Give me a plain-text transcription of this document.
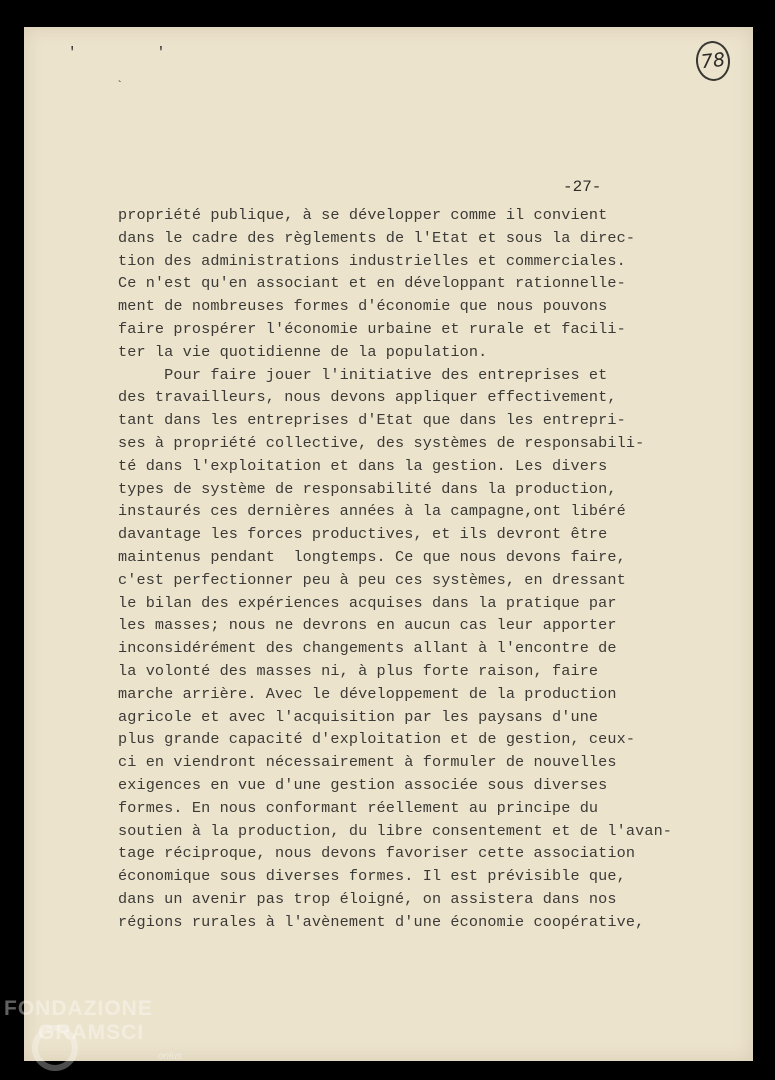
' '
`
78
-27-
propriété publique, à se développer comme il convient
dans le cadre des règlements de l'Etat et sous la direc-
tion des administrations industrielles et commerciales.
Ce n'est qu'en associant et en développant rationnelle-
ment de nombreuses formes d'économie que nous pouvons
faire prospérer l'économie urbaine et rurale et facili-
ter la vie quotidienne de la population.
Pour faire jouer l'initiative des entreprises et
des travailleurs, nous devons appliquer effectivement,
tant dans les entreprises d'Etat que dans les entrepri-
ses à propriété collective, des systèmes de responsabili-
té dans l'exploitation et dans la gestion. Les divers
types de système de responsabilité dans la production,
instaurés ces dernières années à la campagne,ont libéré
davantage les forces productives, et ils devront être
maintenus pendant  longtemps. Ce que nous devons faire,
c'est perfectionner peu à peu ces systèmes, en dressant
le bilan des expériences acquises dans la pratique par
les masses; nous ne devrons en aucun cas leur apporter
inconsidérément des changements allant à l'encontre de
la volonté des masses ni, à plus forte raison, faire
marche arrière. Avec le développement de la production
agricole et avec l'acquisition par les paysans d'une
plus grande capacité d'exploitation et de gestion, ceux-
ci en viendront nécessairement à formuler de nouvelles
exigences en vue d'une gestion associée sous diverses
formes. En nous conformant réellement au principe du
soutien à la production, du libre consentement et de l'avan-
tage réciproque, nous devons favoriser cette association
économique sous diverses formes. Il est prévisible que,
dans un avenir pas trop éloigné, on assistera dans nos
régions rurales à l'avènement d'une économie coopérative,
FONDAZIONE
GRAMSCI
onlus
